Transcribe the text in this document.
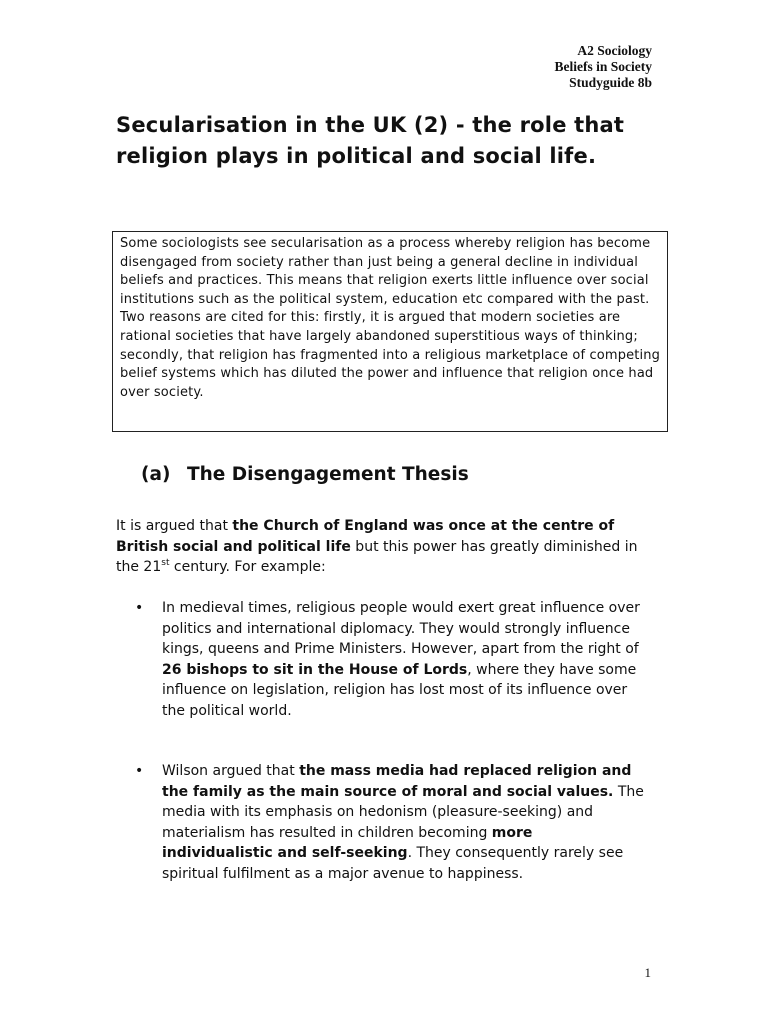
A2 Sociology
Beliefs in Society
Studyguide 8b
Secularisation in the UK (2) - the role that religion plays in political and social life.
Some sociologists see secularisation as a process whereby religion has become disengaged from society rather than just being a general decline in individual beliefs and practices. This means that religion exerts little influence over social institutions such as the political system, education etc compared with the past. Two reasons are cited for this: firstly, it is argued that modern societies are rational societies that have largely abandoned superstitious ways of thinking; secondly, that religion has fragmented into a religious marketplace of competing belief systems which has diluted the power and influence that religion once had over society.
(a) The Disengagement Thesis

It is argued that the Church of England was once at the centre of British social and political life but this power has greatly diminished in the 21st century. For example:

•	In medieval times, religious people would exert great influence over politics and international diplomacy. They would strongly influence kings, queens and Prime Ministers. However, apart from the right of 26 bishops to sit in the House of Lords, where they have some influence on legislation, religion has lost most of its influence over the political world.
•	Wilson argued that the mass media had replaced religion and the family as the main source of moral and social values. The media with its emphasis on hedonism (pleasure-seeking) and materialism has resulted in children becoming more individualistic and self-seeking. They consequently rarely see spiritual fulfilment as a major avenue to happiness.
1
